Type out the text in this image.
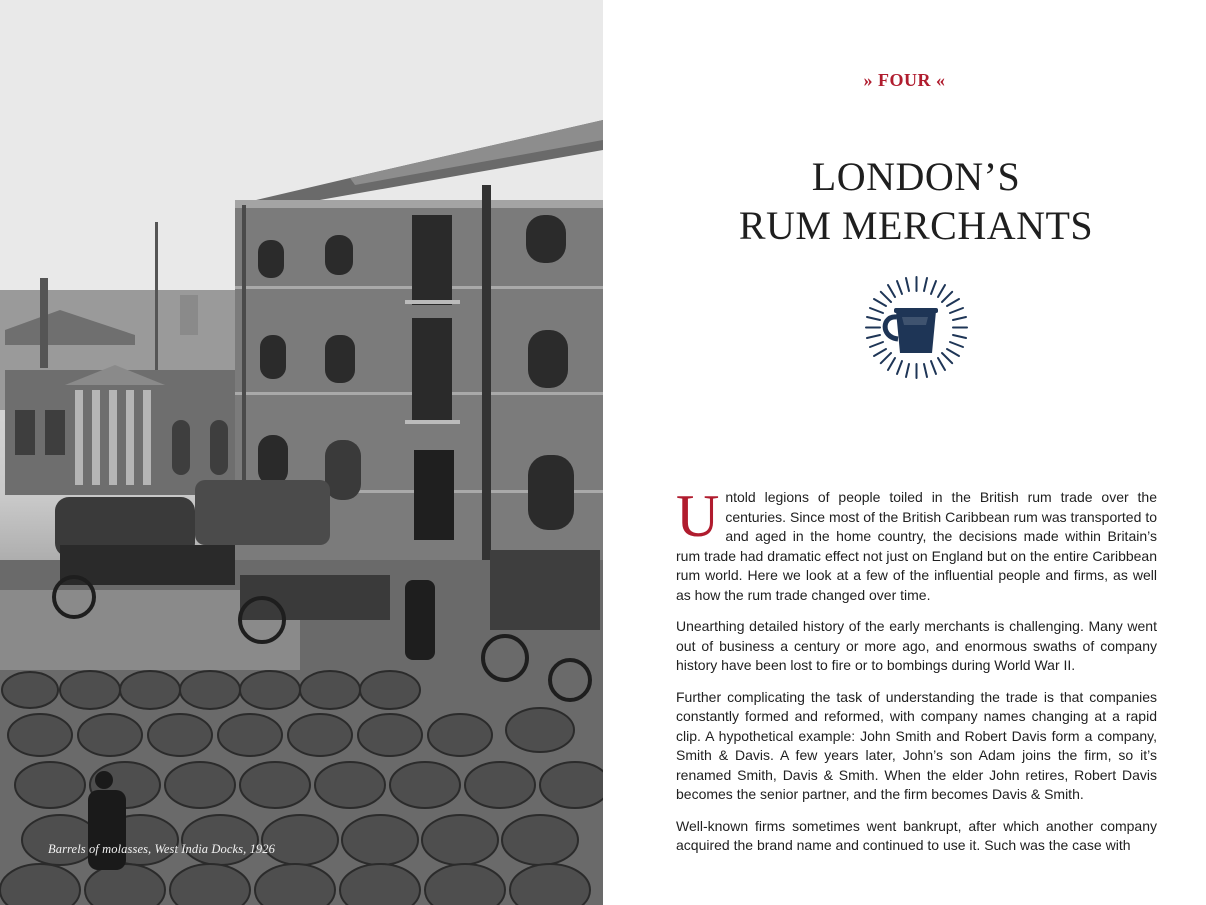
Barrels of molasses, West India Docks, 1926
» FOUR «
LONDON’S
RUM MERCHANTS

Untold legions of people toiled in the British rum trade over the centuries. Since most of the British Caribbean rum was transported to and aged in the home country, the decisions made within Britain’s rum trade had dramatic effect not just on England but on the entire Caribbean rum world. Here we look at a few of the influential people and firms, as well as how the rum trade changed over time.

Unearthing detailed history of the early merchants is challenging. Many went out of business a century or more ago, and enormous swaths of company history have been lost to fire or to bombings during World War II.

Further complicating the task of understanding the trade is that companies constantly formed and reformed, with company names changing at a rapid clip. A hypothetical example: John Smith and Robert Davis form a company, Smith & Davis. A few years later, John’s son Adam joins the firm, so it’s renamed Smith, Davis & Smith. When the elder John retires, Robert Davis becomes the senior partner, and the firm becomes Davis & Smith.

Well-known firms sometimes went bankrupt, after which another company acquired the brand name and continued to use it. Such was the case with
